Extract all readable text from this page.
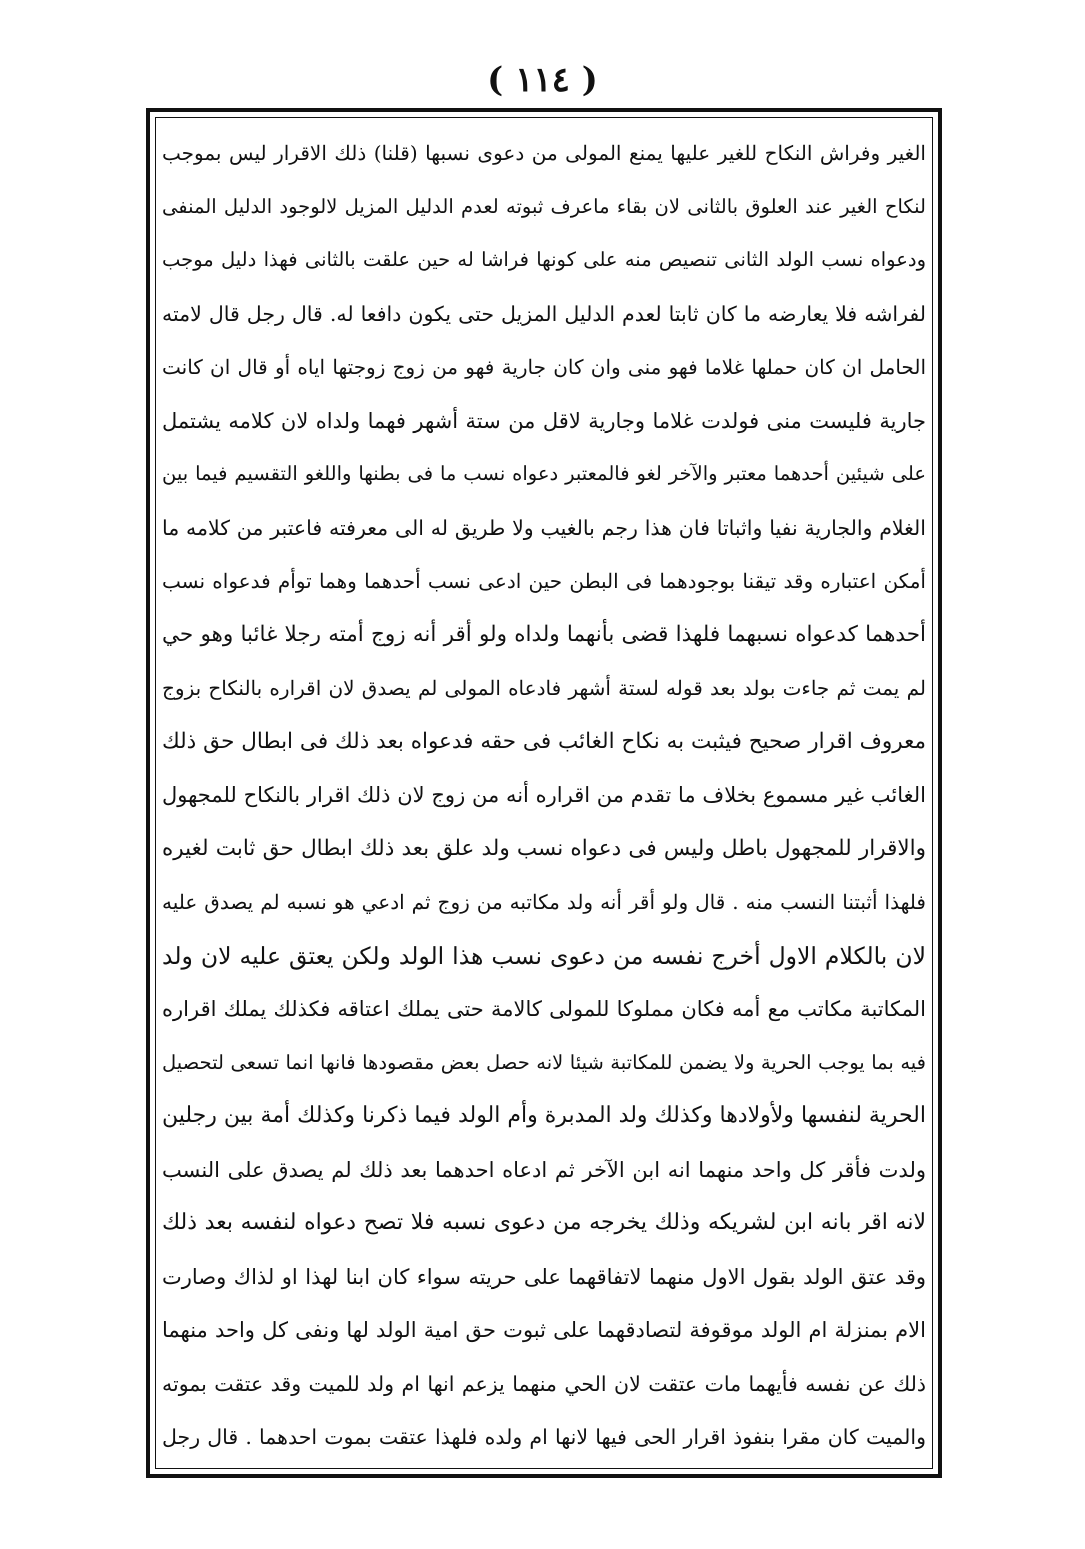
( ١١٤ )
الغير وفراش النكاح للغير عليها يمنع المولى من دعوى نسبها (قلنا) ذلك الاقرار ليس بموجب
لنكاح الغير عند العلوق بالثانى لان بقاء ماعرف ثبوته لعدم الدليل المزيل لالوجود الدليل المنفى
ودعواه نسب الولد الثانى تنصيص منه على كونها فراشا له حين علقت بالثانى فهذا دليل موجب
لفراشه فلا يعارضه ما كان ثابتا لعدم الدليل المزيل حتى يكون دافعا له. قال رجل قال لامته
الحامل ان كان حملها غلاما فهو منى وان كان جارية فهو من زوج زوجتها اياه أو قال ان كانت
جارية فليست منى فولدت غلاما وجارية لاقل من ستة أشهر فهما ولداه لان كلامه يشتمل
على شيئين أحدهما معتبر والآخر لغو فالمعتبر دعواه نسب ما فى بطنها واللغو التقسيم فيما بين
الغلام والجارية نفيا واثباتا فان هذا رجم بالغيب ولا طريق له الى معرفته فاعتبر من كلامه ما
أمكن اعتباره وقد تيقنا بوجودهما فى البطن حين ادعى نسب أحدهما وهما توأم فدعواه نسب
أحدهما كدعواه نسبهما فلهذا قضى بأنهما ولداه ولو أقر أنه زوج أمته رجلا غائبا وهو حي
لم يمت ثم جاءت بولد بعد قوله لستة أشهر فادعاه المولى لم يصدق لان اقراره بالنكاح بزوج
معروف اقرار صحيح فيثبت به نكاح الغائب فى حقه فدعواه بعد ذلك فى ابطال حق ذلك
الغائب غير مسموع بخلاف ما تقدم من اقراره أنه من زوج لان ذلك اقرار بالنكاح للمجهول
والاقرار للمجهول باطل وليس فى دعواه نسب ولد علق بعد ذلك ابطال حق ثابت لغيره
فلهذا أثبتنا النسب منه . قال ولو أقر أنه ولد مكاتبه من زوج ثم ادعي هو نسبه لم يصدق عليه
لان بالكلام الاول أخرج نفسه من دعوى نسب هذا الولد ولكن يعتق عليه لان ولد
المكاتبة مكاتب مع أمه فكان مملوكا للمولى كالامة حتى يملك اعتاقه فكذلك يملك اقراره
فيه بما يوجب الحرية ولا يضمن للمكاتبة شيئا لانه حصل بعض مقصودها فانها انما تسعى لتحصيل
الحرية لنفسها ولأولادها وكذلك ولد المدبرة وأم الولد فيما ذكرنا وكذلك أمة بين رجلين
ولدت فأقر كل واحد منهما انه ابن الآخر ثم ادعاه احدهما بعد ذلك لم يصدق على النسب
لانه اقر بانه ابن لشريكه وذلك يخرجه من دعوى نسبه فلا تصح دعواه لنفسه بعد ذلك
وقد عتق الولد بقول الاول منهما لاتفاقهما على حريته سواء كان ابنا لهذا او لذاك وصارت
الام بمنزلة ام الولد موقوفة لتصادقهما على ثبوت حق امية الولد لها ونفى كل واحد منهما
ذلك عن نفسه فأيهما مات عتقت لان الحي منهما يزعم انها ام ولد للميت وقد عتقت بموته
والميت كان مقرا بنفوذ اقرار الحى فيها لانها ام ولده فلهذا عتقت بموت احدهما . قال رجل
